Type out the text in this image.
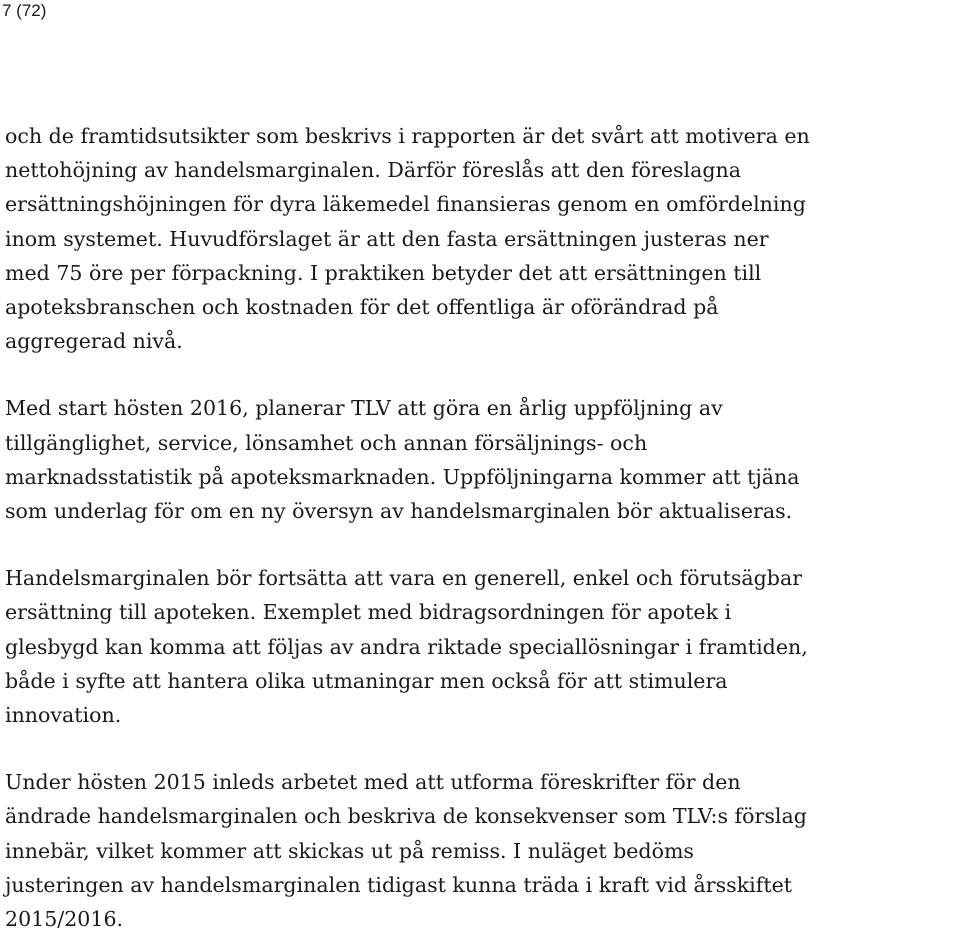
7 (72)

och de framtidsutsikter som beskrivs i rapporten är det svårt att motivera en
nettohöjning av handelsmarginalen. Därför föreslås att den föreslagna
ersättningshöjningen för dyra läkemedel finansieras genom en omfördelning
inom systemet. Huvudförslaget är att den fasta ersättningen justeras ner
med 75 öre per förpackning. I praktiken betyder det att ersättningen till
apoteksbranschen och kostnaden för det offentliga är oförändrad på
aggregerad nivå.

Med start hösten 2016, planerar TLV att göra en årlig uppföljning av
tillgänglighet, service, lönsamhet och annan försäljnings- och
marknadsstatistik på apoteksmarknaden. Uppföljningarna kommer att tjäna
som underlag för om en ny översyn av handelsmarginalen bör aktualiseras.

Handelsmarginalen bör fortsätta att vara en generell, enkel och förutsägbar
ersättning till apoteken. Exemplet med bidragsordningen för apotek i
glesbygd kan komma att följas av andra riktade speciallösningar i framtiden,
både i syfte att hantera olika utmaningar men också för att stimulera
innovation.

Under hösten 2015 inleds arbetet med att utforma föreskrifter för den
ändrade handelsmarginalen och beskriva de konsekvenser som TLV:s förslag
innebär, vilket kommer att skickas ut på remiss. I nuläget bedöms
justeringen av handelsmarginalen tidigast kunna träda i kraft vid årsskiftet
2015/2016.
